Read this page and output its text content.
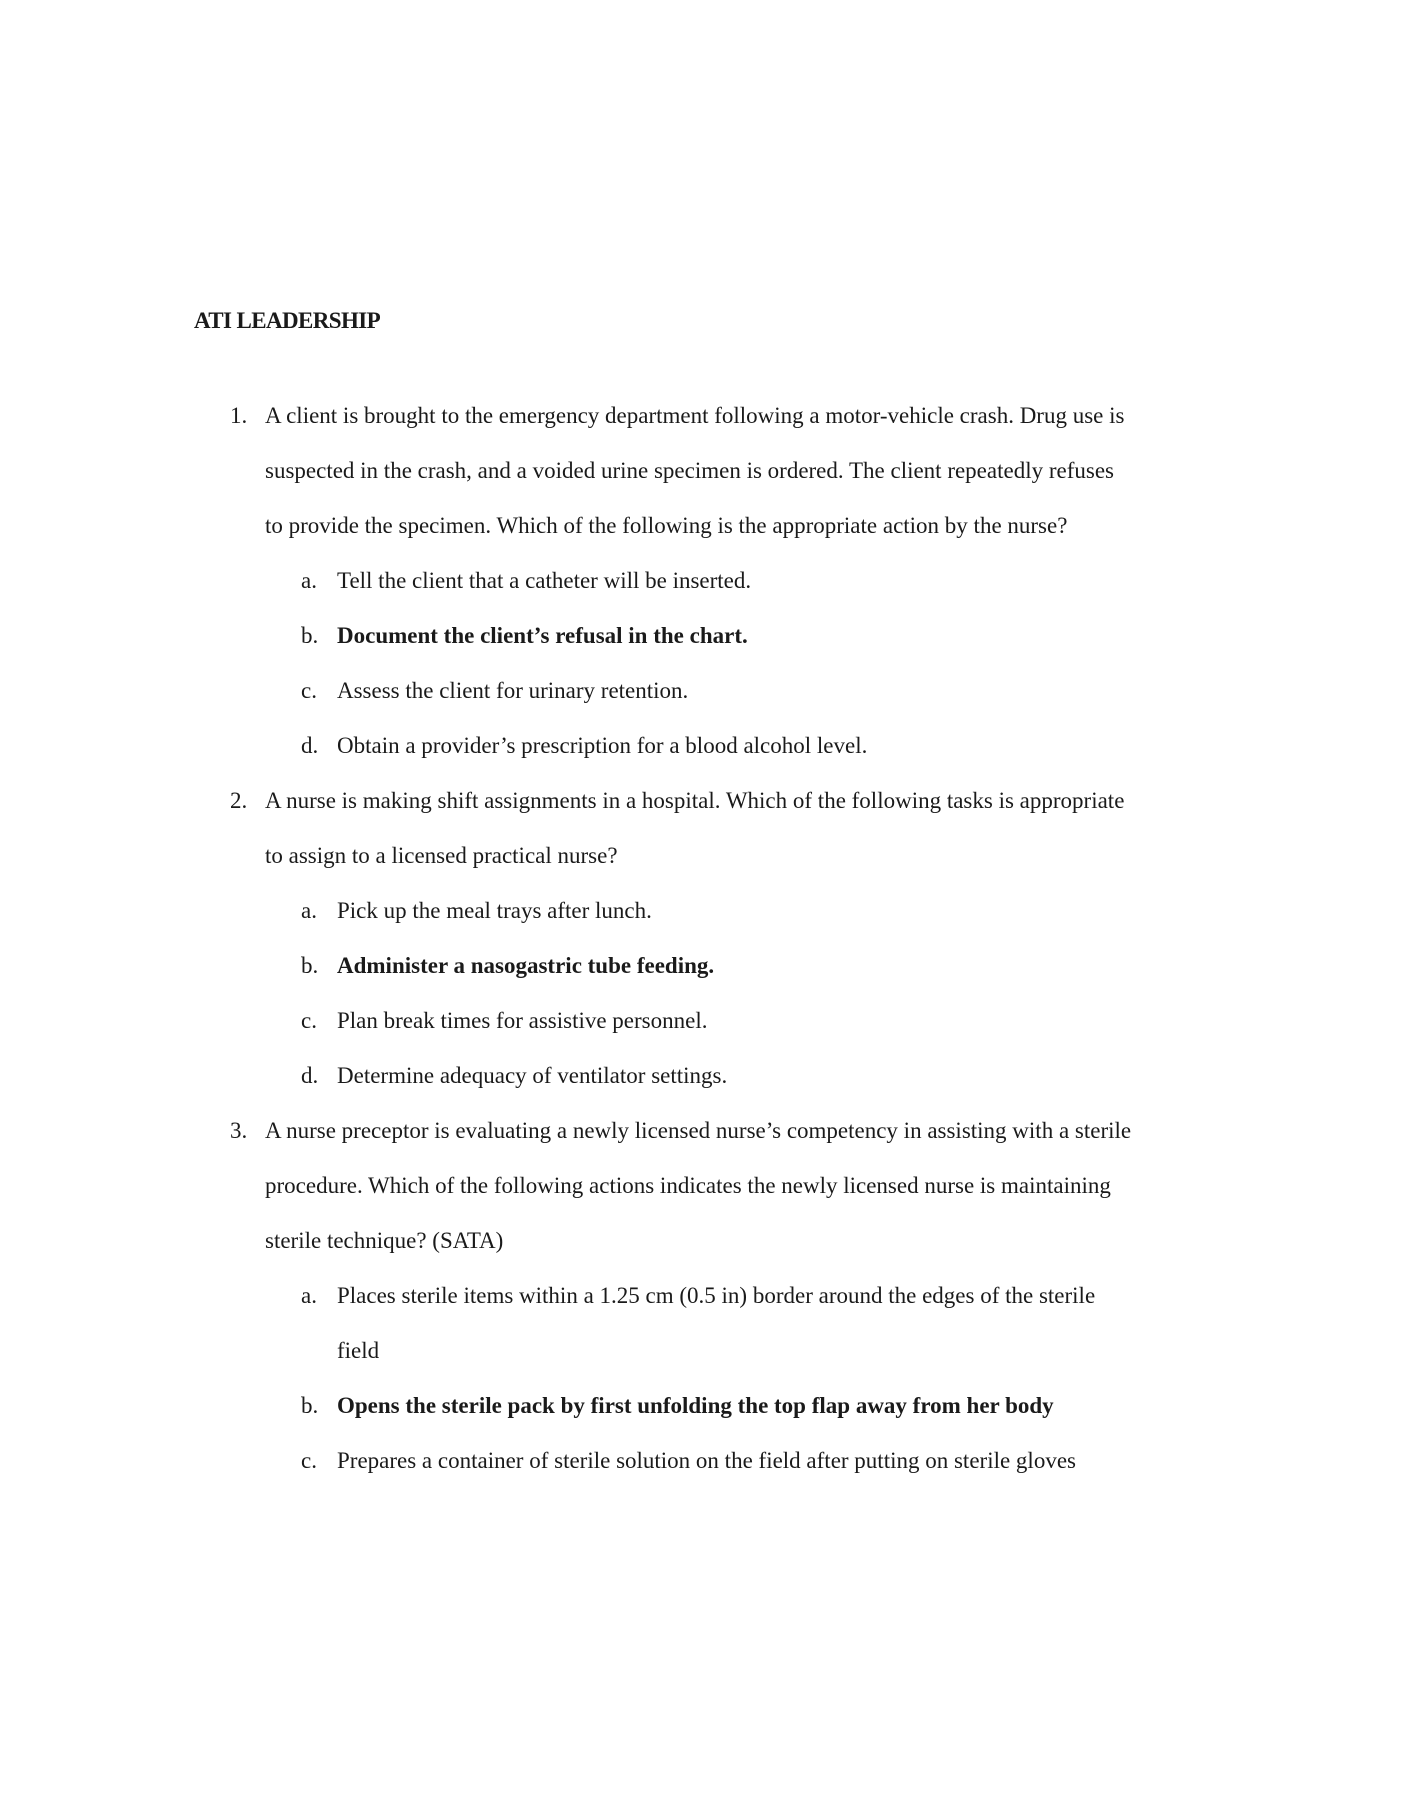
ATI LEADERSHIP
1. A client is brought to the emergency department following a motor-vehicle crash. Drug use is suspected in the crash, and a voided urine specimen is ordered. The client repeatedly refuses to provide the specimen. Which of the following is the appropriate action by the nurse?
a. Tell the client that a catheter will be inserted.
b. Document the client’s refusal in the chart.
c. Assess the client for urinary retention.
d. Obtain a provider’s prescription for a blood alcohol level.
2. A nurse is making shift assignments in a hospital. Which of the following tasks is appropriate to assign to a licensed practical nurse?
a. Pick up the meal trays after lunch.
b. Administer a nasogastric tube feeding.
c. Plan break times for assistive personnel.
d. Determine adequacy of ventilator settings.
3. A nurse preceptor is evaluating a newly licensed nurse’s competency in assisting with a sterile procedure. Which of the following actions indicates the newly licensed nurse is maintaining sterile technique? (SATA)
a. Places sterile items within a 1.25 cm (0.5 in) border around the edges of the sterile field
b. Opens the sterile pack by first unfolding the top flap away from her body
c. Prepares a container of sterile solution on the field after putting on sterile gloves
